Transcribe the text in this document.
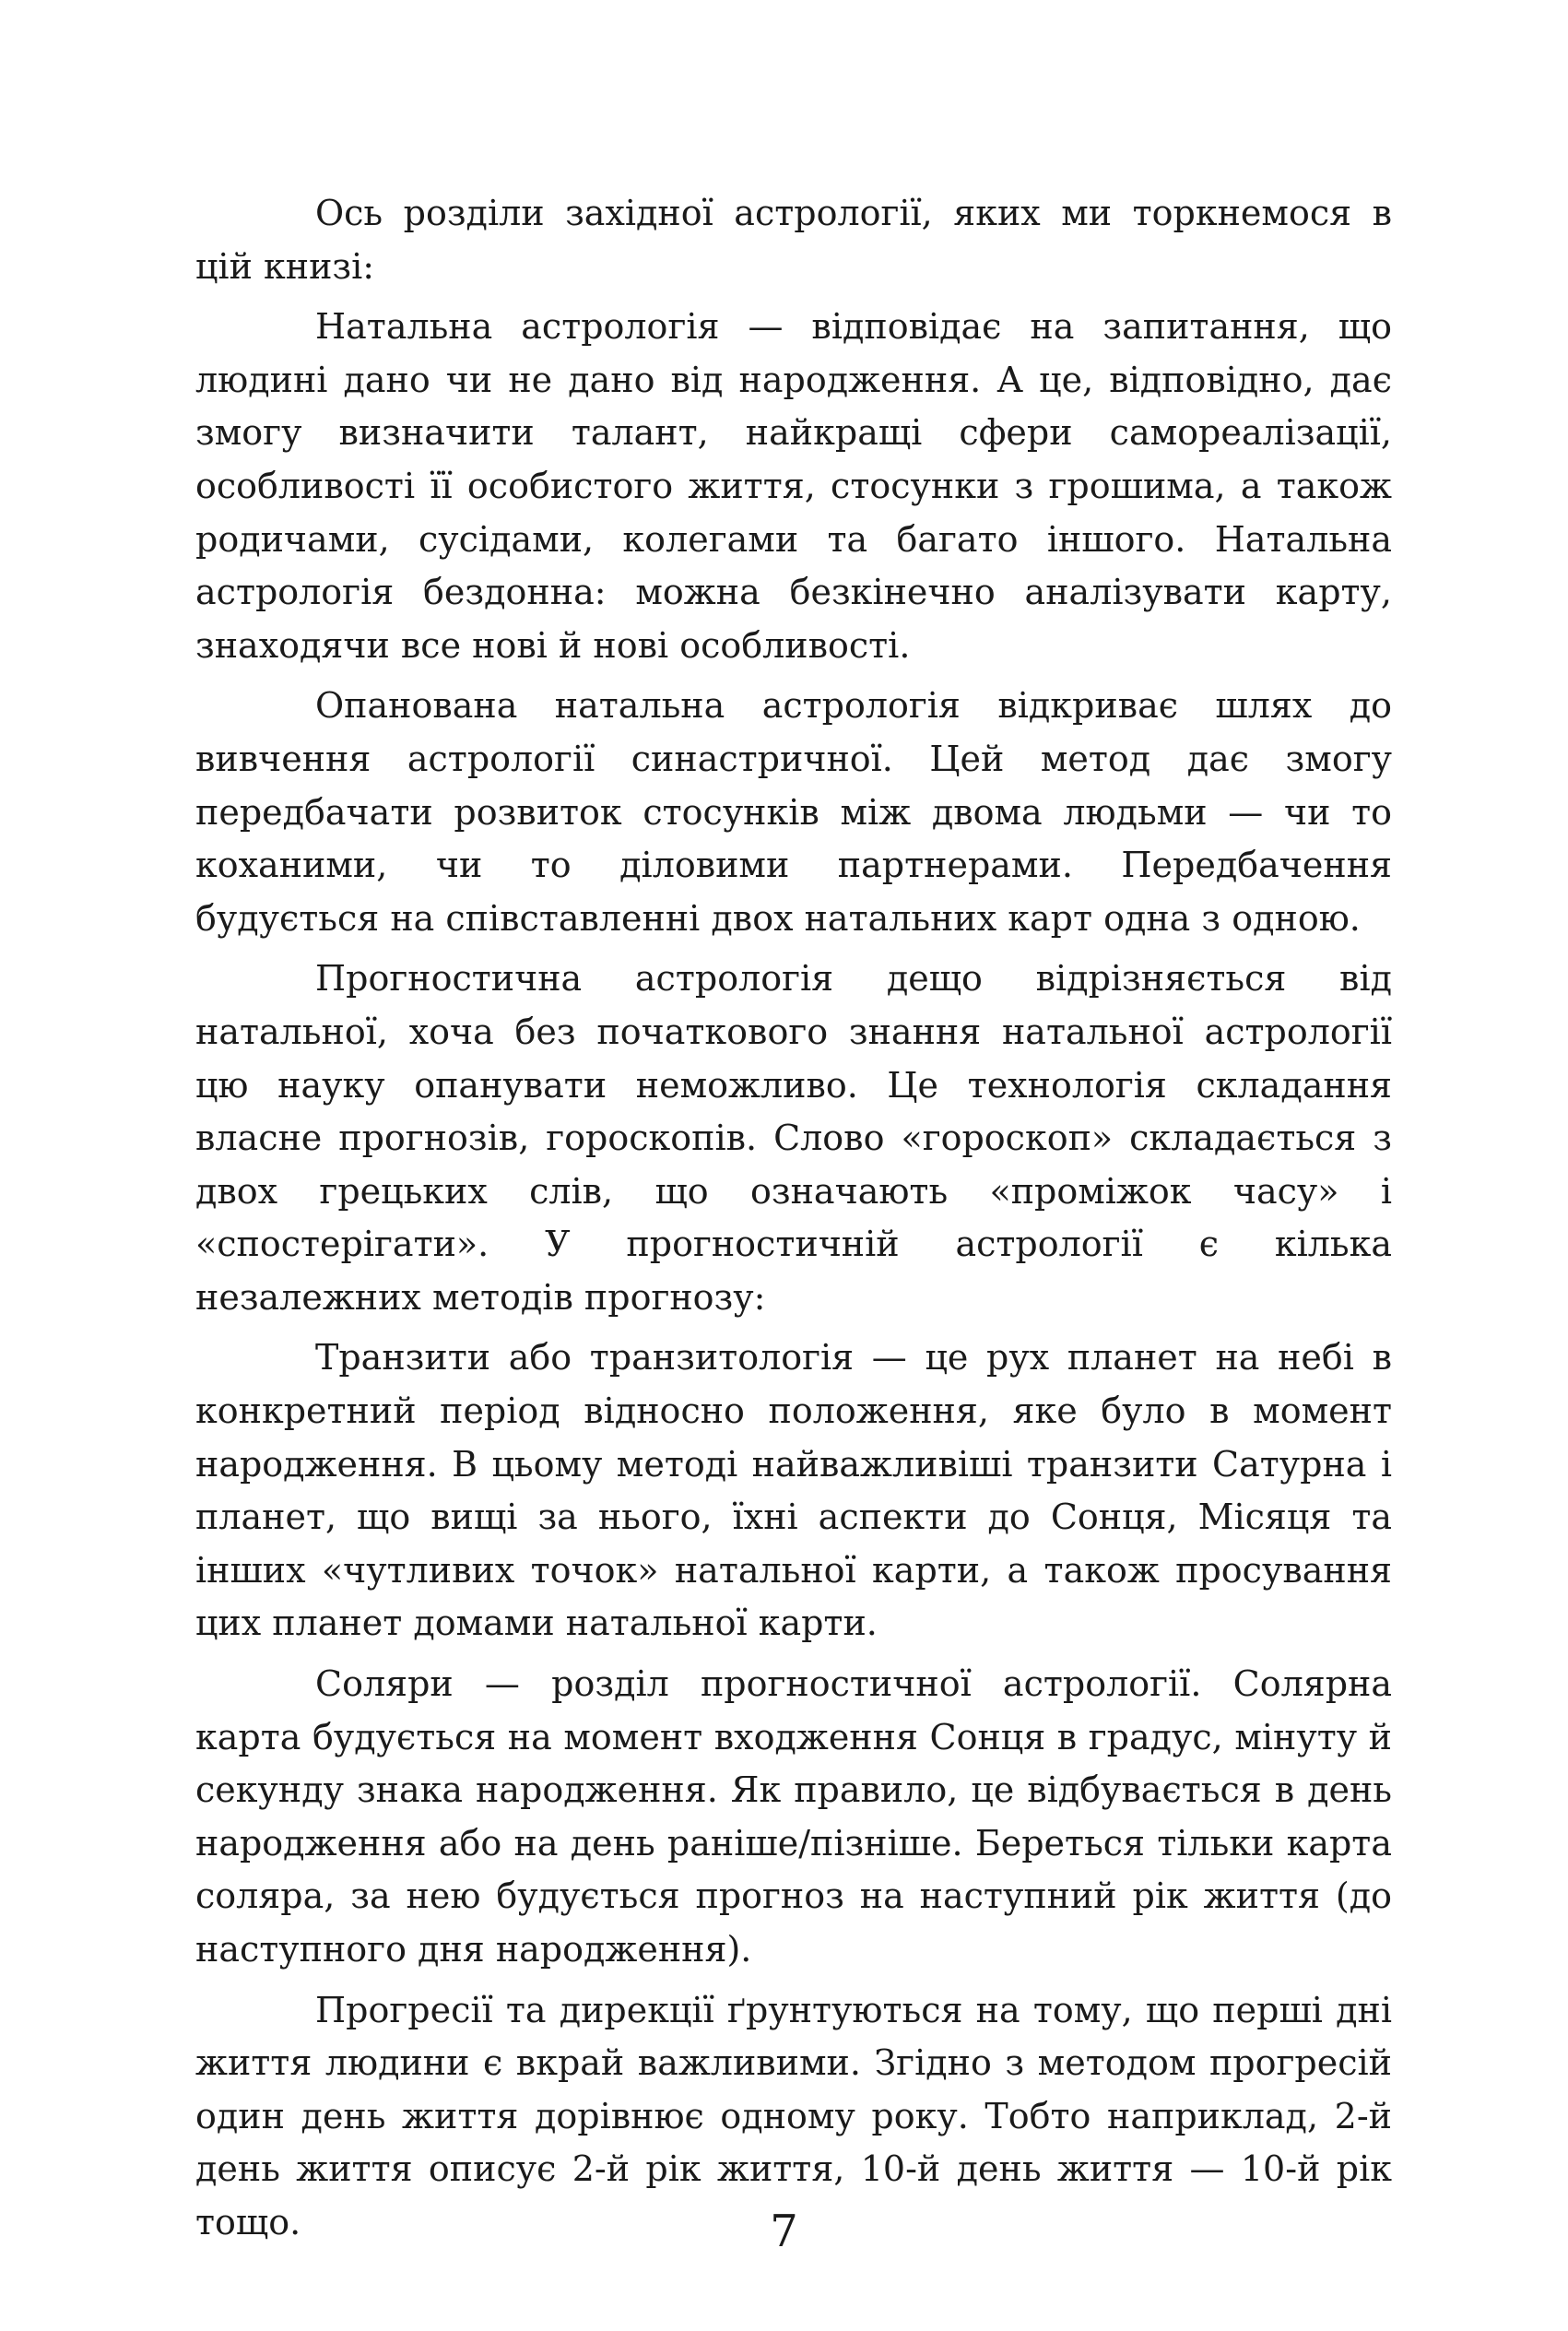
Ось розділи західної астрології, яких ми торкнемося в цій книзі:

Натальна астрологія — відповідає на запитання, що людині дано чи не дано від народження. А це, відповідно, дає змогу визначити талант, найкращі сфери самореалізації, особливості її особистого життя, стосунки з грошима, а також родичами, сусідами, колегами та багато іншого. Натальна астрологія бездонна: можна безкінечно аналізувати карту, знаходячи все нові й нові особливості.

Опанована натальна астрологія відкриває шлях до вивчення астрології синастричної. Цей метод дає змогу передбачати розвиток стосунків між двома людьми — чи то коханими, чи то діловими партнерами. Передбачення будується на співставленні двох натальних карт одна з одною.

Прогностична астрологія дещо відрізняється від натальної, хоча без початкового знання натальної астрології цю науку опанувати неможливо. Це технологія складання власне прогнозів, гороскопів. Слово «гороскоп» складається з двох грецьких слів, що означають «проміжок часу» і «спостерігати». У прогностичній астрології є кілька незалежних методів прогнозу:

Транзити або транзитологія — це рух планет на небі в конкретний період відносно положення, яке було в момент народження. В цьому методі найважливіші транзити Сатурна і планет, що вищі за нього, їхні аспекти до Сонця, Місяця та інших «чутливих точок» натальної карти, а також просування цих планет домами натальної карти.

Соляри — розділ прогностичної астрології. Солярна карта будується на момент входження Сонця в градус, мінуту й секунду знака народження. Як правило, це відбувається в день народження або на день раніше/пізніше. Береться тільки карта соляра, за нею будується прогноз на наступний рік життя (до наступного дня народження).

Прогресії та дирекції ґрунтуються на тому, що перші дні життя людини є вкрай важливими. Згідно з методом прогресій один день життя дорівнює одному року. Тобто наприклад, 2-й день життя описує 2-й рік життя, 10-й день життя — 10-й рік тощо.	7
